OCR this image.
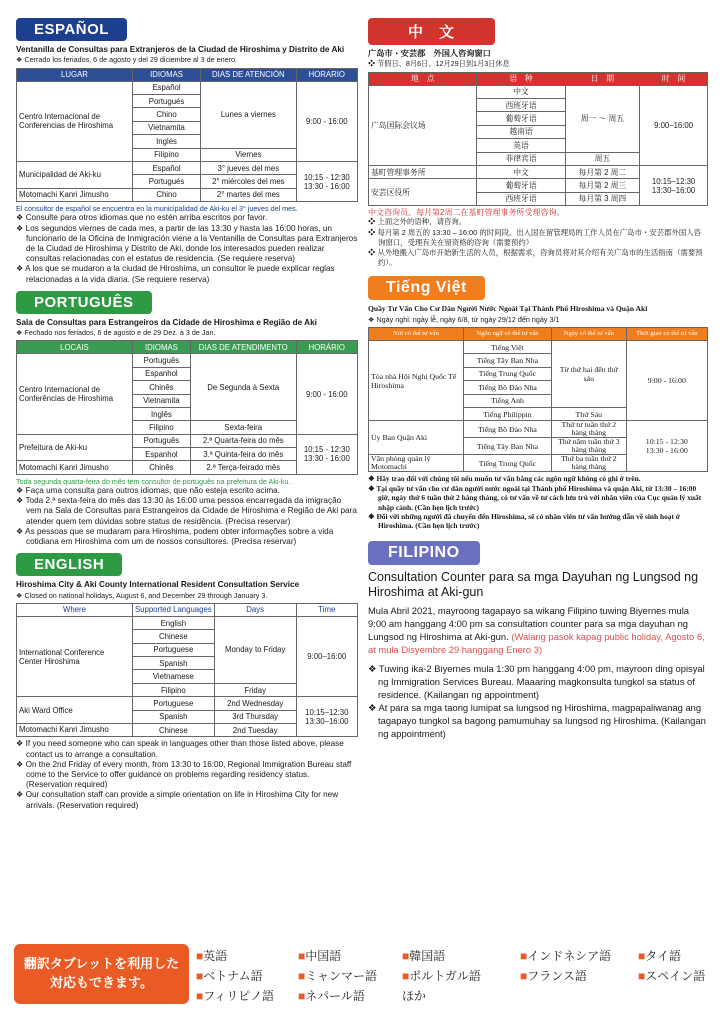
ESPAÑOL
Ventanilla de Consultas para Extranjeros de la Ciudad de Hiroshima y Distrito de Aki
❖ Cerrado los feriados, 6 de agosto y del 29 diciembre al 3 de enero.
LUGAR	IDIOMAS	DIAS DE ATENCIÓN	HORARIO
Centro Internacional de Conferencias de Hiroshima	Español	Lunes a viernes	9:00 - 16:00
	Portugués		
	Chino		
	Vietnamita		
	Inglés		
	Filipino	Viernes	
Municipalidad de Aki-ku	Español	3° jueves del mes	10:15 - 12:30
13:30 - 16:00
	Portugués	2° miércoles del mes	
Motomachi Kanri Jimusho	Chino	2° martes del mes	
El consultor de español se encuentra en la municipalidad de Aki-ku el 3° jueves del mes.
❖ Consulte para otros idiomas que no estén arriba escritos por favor.
❖ Los segundos viernes de cada mes, a partir de las 13:30 y hasta las 16:00 horas, un funcionario de la Oficina de Inmigración viene a la Ventanilla de Consultas para Extranjeros de la Ciudad de Hiroshima y Distrito de Aki, donde los interesados pueden realizar consultas relacionadas con el estatus de residencia. (Se requiere reserva)
❖ A los que se mudaron a la ciudad de Hiroshima, un consultor le puede explicar reglas relacionadas a la vida diaria. (Se requiere reserva)
PORTUGUÊS
Sala de Consultas para Estrangeiros da Cidade de Hiroshima e Região de Aki
❖ Fechado nos feriados, 6 de agosto e de 29 Dez. à 3 de Jan.
LOCAIS	IDIOMAS	DIAS DE ATENDIMENTO	HORÁRIO
Centro Internacional de Conferências de Hiroshima	Português	De Segunda à Sexta	9:00 - 16:00
	Espanhol		
	Chinês		
	Vietnamita		
	Inglês		
	Filipino	Sexta-feira	
Prefeitura de Aki-ku	Português	2.ª Quarta-feira do mês	10:15 - 12:30
13:30 - 16:00
	Espanhol	3.ª Quinta-feira do mês	
Motomachi Kanri Jimusho	Chinês	2.ª Terça-feirado mês	
Toda segunda quarta-feira do mês tem consultor de português na prefeitura de Aki-ku.
❖ Faça uma consulta para outros idiomas, que não esteja escrito acima.
❖ Toda 2.ª sexta-feira do mês das 13:30 às 16:00 uma pessoa encarregada da imigração vem na Sala de Consultas para Estrangeiros da Cidade de Hiroshima e Região de Aki para atender quem tem dúvidas sobre status de residência. (Precisa reservar)
❖ As pessoas que se mudaram para Hiroshima, podem obter informações sobre a vida cotidiana em Hiroshima com um de nossos consultores. (Precisa reservar)
ENGLISH
Hiroshima City & Aki County International Resident Consultation Service
❖ Closed on national holidays, August 6, and December 29 through January 3.
Where	Supported Languages	Days	Time
International Conference Center Hiroshima	English	Monday to Friday	9:00–16:00
	Chinese		
	Portuguese		
	Spanish		
	Vietnamese		
	Filipino	Friday	
Aki Ward Office	Portuguese	2nd Wednesday	10:15–12:30
13:30–16:00
	Spanish	3rd Thursday	
Motomachi Kanri Jimusho	Chinese	2nd Tuesday	
❖ If you need someone who can speak in languages other than those listed above, please contact us to arrange a consultation.
❖ On the 2nd Friday of every month, from 13:30 to 16:00, Regional Immigration Bureau staff come to the Service to offer guidance on problems regarding residency status. (Reservation required)
❖ Our consultation staff can provide a simple orientation on life in Hiroshima City for new arrivals. (Reservation required)
中　文
广岛市・安芸郡　外国人咨询窗口
❖ 节假日、8月6日、12月29日到1月3日休息
地　点	语　种	日　期	时　间
广岛国际会议场	中文	周一 ～ 周五	9:00–16:00
	西班牙语		
	葡萄牙语		
	越南语		
	英语		
	菲律宾语	周五	
基町管理事务所	中文	每月第 2 周二	10:15–12:30
13:30–16:00
安芸区役所	葡萄牙语	每月第 2 周三	
	西班牙语	每月第 3 周四	
中文咨询员、每月第2周二在基町管理事务所受理咨询。
❖ 上面之外的语种，请咨询。
❖ 每月第 2 周五的 13:30 – 16:00 的时间段，出入国在留管理局的工作人员在广岛市・安芸郡外国人咨询窗口，受理有关在留资格的咨询（需要预约）
❖ 从外地搬入广岛市开始新生活的人员，根据需求，咨询员将对其介绍有关广岛市的生活指南（需要预约）。
Tiếng Việt
Quầy Tư Vấn Cho Cư Dân Người Nước Ngoài Tại Thành Phố Hiroshima và Quận Aki
❖ Ngày nghỉ: ngày lễ, ngày 6/8, từ ngày 29/12 đến ngày 3/1
Nơi có thể tư vấn	Ngôn ngữ có thể tư vấn	Ngày có thể tư vấn	Thời gian có thể tư vấn
Tòa nhà Hội Nghị Quốc Tế Hiroshima	Tiếng Việt	Từ thứ hai đến thứ sáu	9:00 - 16:00
	Tiếng Tây Ban Nha		
	Tiếng Trung Quốc		
	Tiếng Bồ Đào Nha		
	Tiếng Anh		
	Tiếng Philippin	Thứ Sáu	
Ủy Ban Quận Aki	Tiếng Bồ Đào Nha	Thứ tư tuần thứ 2 hàng tháng	10:15 - 12:30
13:30 - 16:00
	Tiếng Tây Ban Nha	Thứ năm tuần thứ 3 hàng tháng	
Văn phòng quản lý Motomachi	Tiếng Trung Quốc	Thứ ba tuần thứ 2 hàng tháng	
❖ Hãy trao đổi với chúng tôi nếu muốn tư vấn bằng các ngôn ngữ không có ghi ở trên.
❖ Tại quầy tư vấn cho cư dân người nước ngoài tại Thành phố Hiroshima và quận Aki, từ 13:30 – 16:00 giờ, ngày thứ 6 tuần thứ 2 hàng tháng, có tư vấn về tư cách lưu trú với nhân viên của Cục quản lý xuất nhập cảnh. (Cần hẹn lịch trước)
❖ Đối với những người đã chuyển đến Hiroshima, sẽ có nhân viên tư vấn hướng dẫn về sinh hoạt ở Hiroshima. (Cần hẹn lịch trước)
FILIPINO
Consultation Counter para sa mga Dayuhan ng Lungsod ng Hiroshima at Aki-gun
Mula Abril 2021, mayroong tagapayo sa wikang Filipino tuwing Biyernes mula 9:00 am hanggang 4:00 pm sa consultation counter para sa mga dayuhan ng Lungsod ng Hiroshima at Aki-gun. (Walang pasok kapag public holiday, Agosto 6, at mula Disyembre 29 hanggang Enero 3)
❖ Tuwing ika-2 Biyernes mula 1:30 pm hanggang 4:00 pm, mayroon ding opisyal ng Immigration Services Bureau. Maaaring magkonsulta tungkol sa status of residence. (Kailangan ng appointment)
❖ At para sa mga taong lumipat sa lungsod ng Hiroshima, magpapaliwanag ang tagapayo tungkol sa bagong pamumuhay sa lungsod ng Hiroshima. (Kailangan ng appointment)
翻訳タブレットを利用した
対応もできます。
■英語	■中国語	■韓国語	■インドネシア語	■タイ語
■ベトナム語	■ミャンマー語	■ポルトガル語	■フランス語	■スペイン語
■フィリピノ語	■ネパール語	ほか
